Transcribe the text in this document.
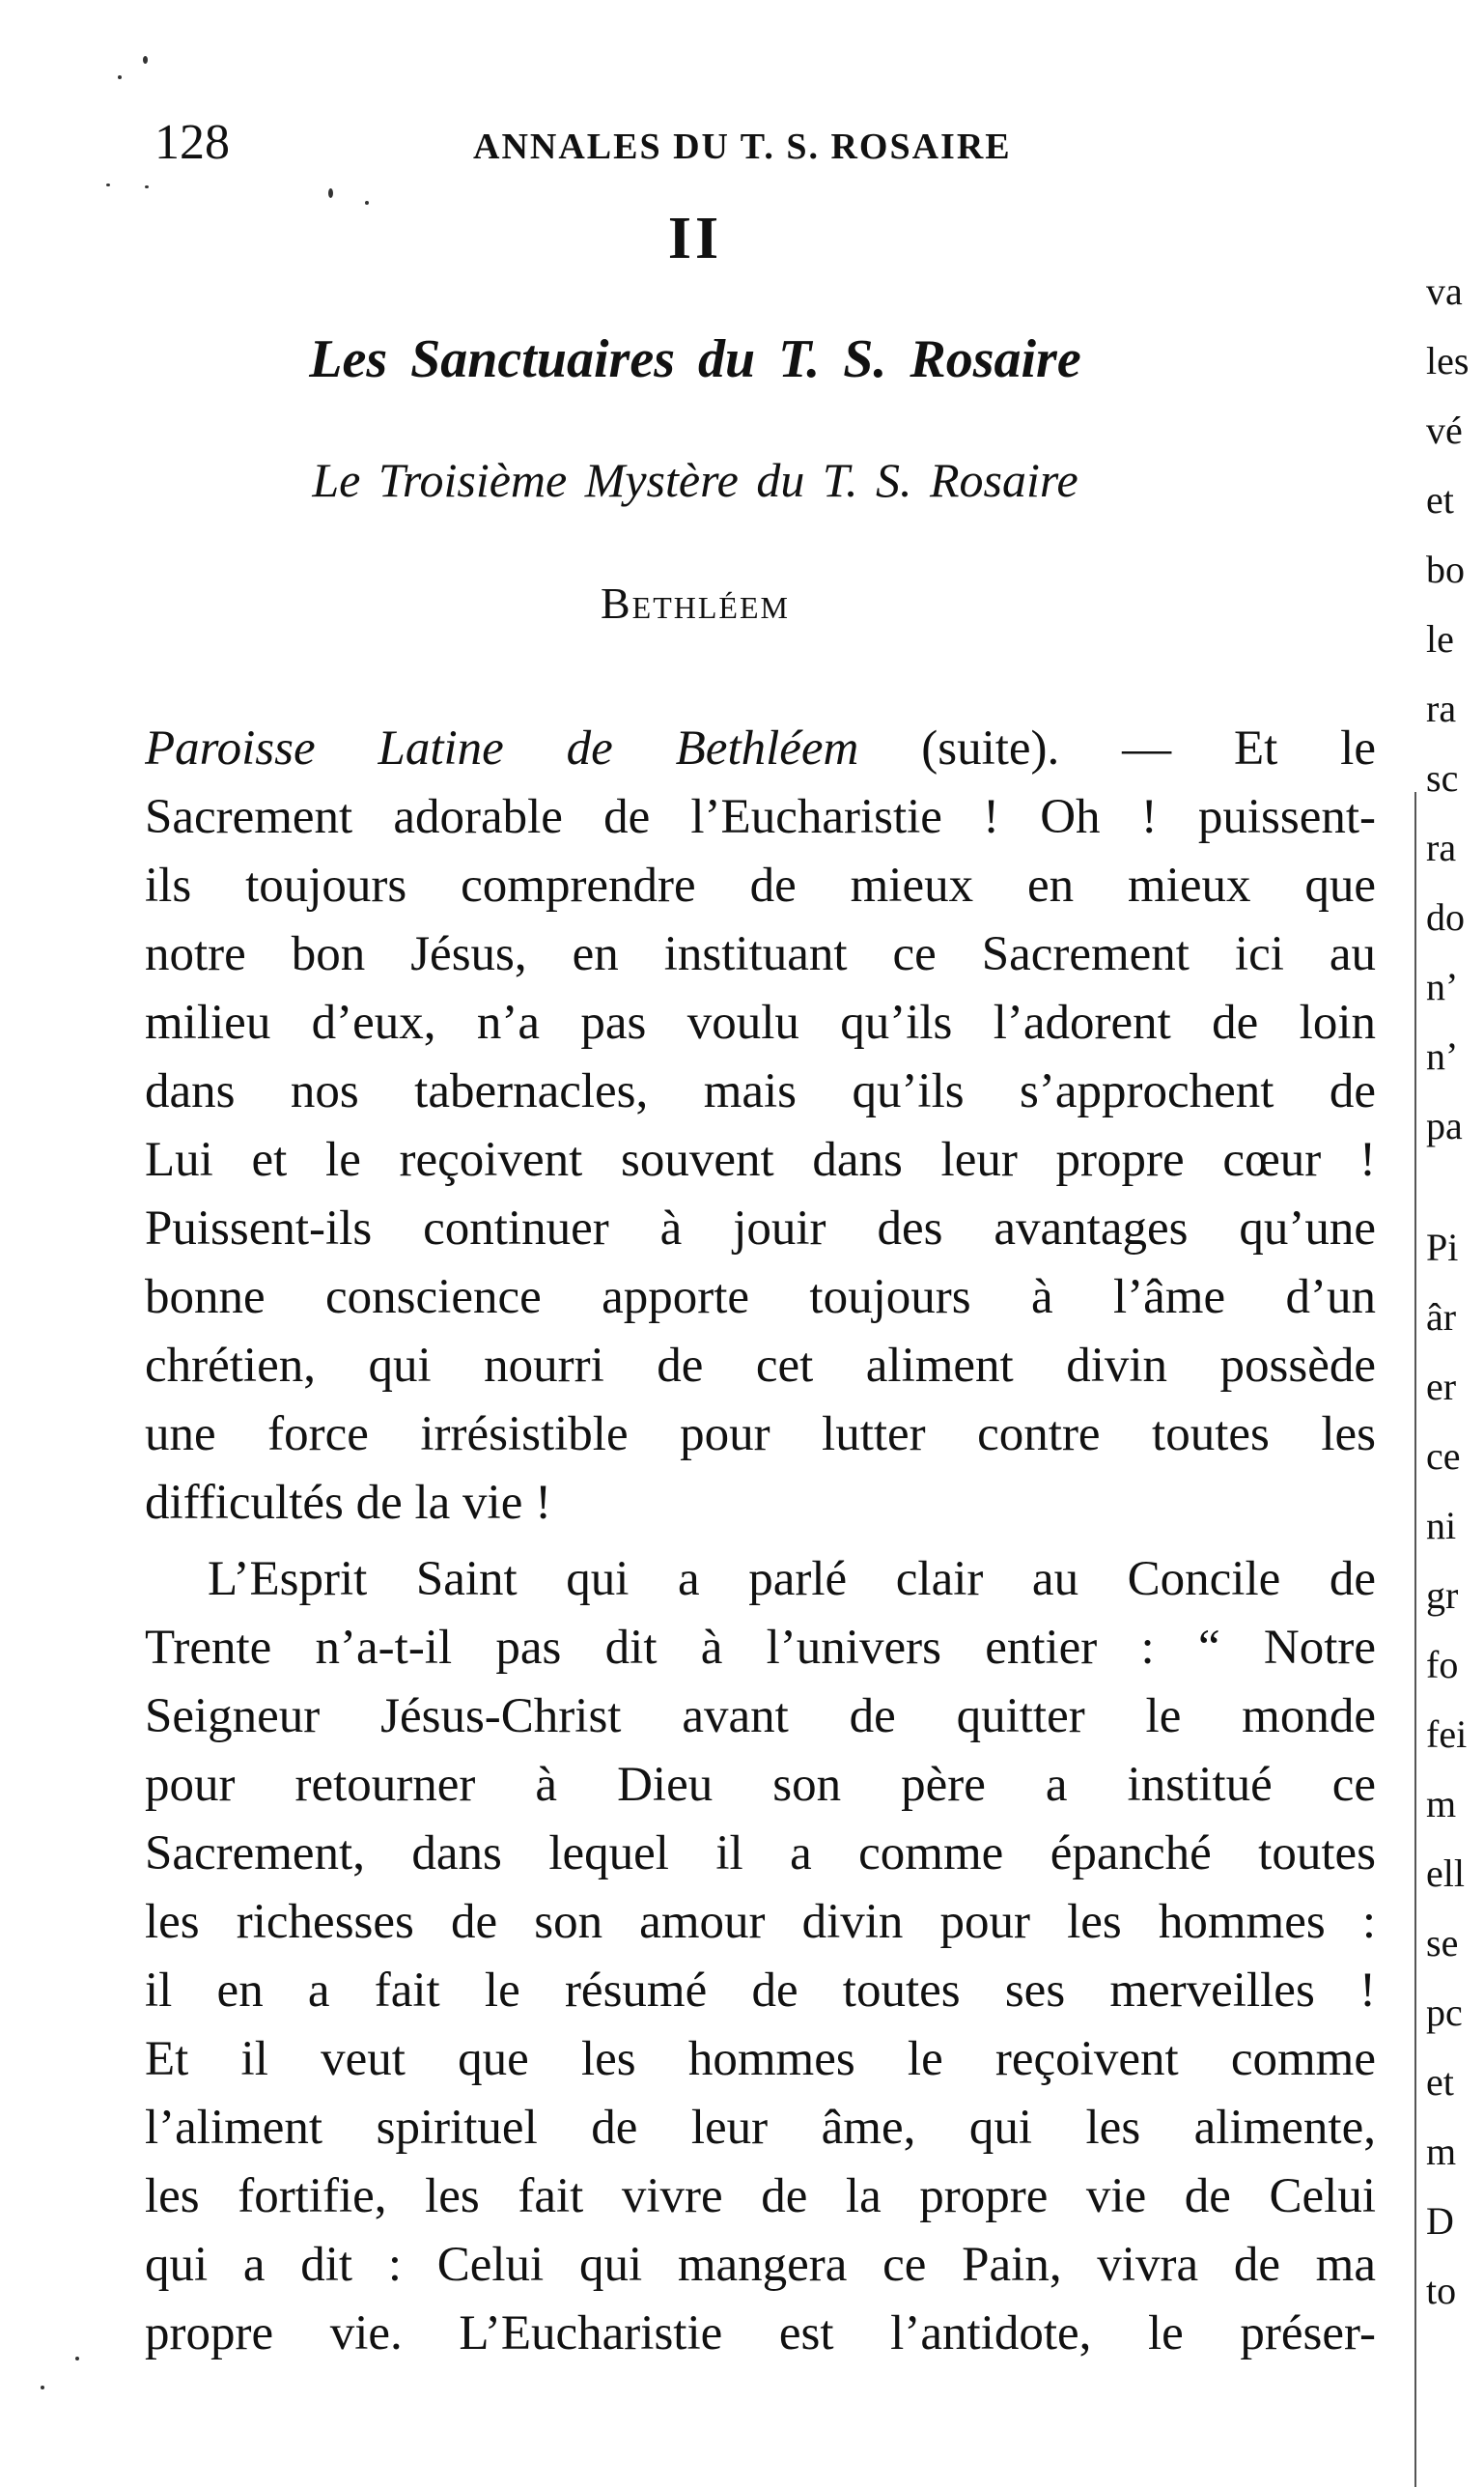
128	ANNALES DU T. S. ROSAIRE
II
Les Sanctuaires du T. S. Rosaire
Le Troisième Mystère du T. S. Rosaire
Bethléem
Paroisse Latine de Bethléem (suite). — Et le
Sacrement adorable de l’Eucharistie ! Oh ! puissent-
ils toujours comprendre de mieux en mieux que
notre bon Jésus, en instituant ce Sacrement ici au
milieu d’eux, n’a pas voulu qu’ils l’adorent de loin
dans nos tabernacles, mais qu’ils s’approchent de
Lui et le reçoivent souvent dans leur propre cœur !
Puissent-ils continuer à jouir des avantages qu’une
bonne conscience apporte toujours à l’âme d’un
chrétien, qui nourri de cet aliment divin possède
une force irrésistible pour lutter contre toutes les
difficultés de la vie !
L’Esprit Saint qui a parlé clair au Concile de
Trente n’a-t-il pas dit à l’univers entier : “ Notre
Seigneur Jésus-Christ avant de quitter le monde
pour retourner à Dieu son père a institué ce
Sacrement, dans lequel il a comme épanché toutes
les richesses de son amour divin pour les hommes :
il en a fait le résumé de toutes ses merveilles !
Et il veut que les hommes le reçoivent comme
l’aliment spirituel de leur âme, qui les alimente,
les fortifie, les fait vivre de la propre vie de Celui
qui a dit : Celui qui mangera ce Pain, vivra de ma
propre vie. L’Eucharistie est l’antidote, le préser-
va
les
vé
et
bo
le
ra
sc
ra
do
n’
n’
pa
Pi
âr
er
ce
ni
gr
fo
fei
m
ell
se
pc
et
m
D
to
